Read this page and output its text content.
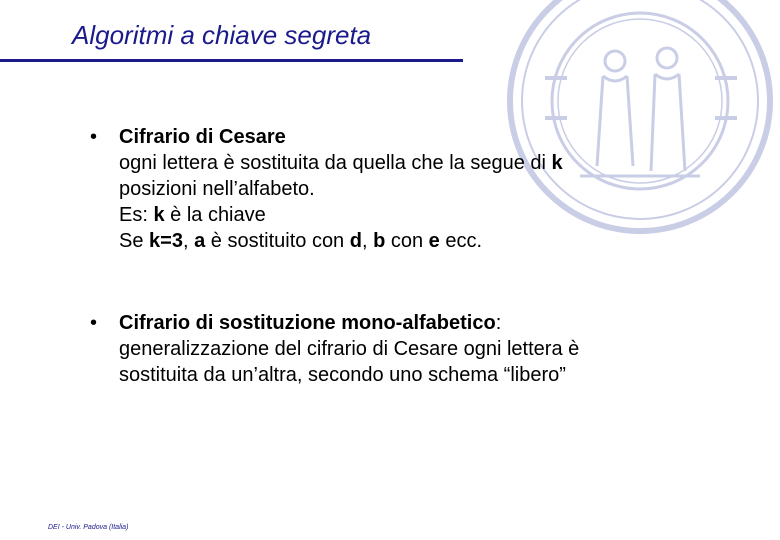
Algoritmi a chiave segreta
• Cifrario di Cesare
ogni lettera è sostituita da quella che la segue di k
posizioni nell’alfabeto.
Es: k è la chiave
Se k=3, a è sostituito con d, b con e ecc.
• Cifrario di sostituzione mono-alfabetico:
generalizzazione del cifrario di Cesare ogni lettera è
sostituita da un’altra, secondo uno schema “libero”
DEI - Univ. Padova (Italia)
